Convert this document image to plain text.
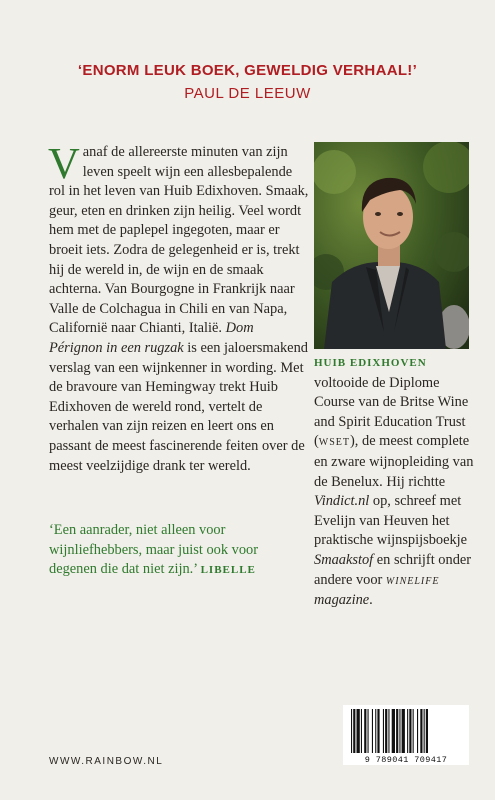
‘ENORM LEUK BOEK, GEWELDIG VERHAAL!’
PAUL DE LEEUW
Vanaf de allereerste minuten van zijn leven speelt wijn een allesbepalende rol in het leven van Huib Edixhoven. Smaak, geur, eten en drinken zijn heilig. Veel wordt hem met de paplepel ingegoten, maar er broeit iets. Zodra de gelegenheid er is, trekt hij de wereld in, de wijn en de smaak achterna. Van Bourgogne in Frankrijk naar Valle de Colchagua in Chili en van Napa, Californië naar Chianti, Italië. Dom Pérignon in een rugzak is een jaloersmakend verslag van een wijnkenner in wording. Met de bravoure van Hemingway trekt Huib Edixhoven de wereld rond, vertelt de verhalen van zijn reizen en leert ons en passant de meest fascinerende feiten over de meest veelzijdige drank ter wereld.
‘Een aanrader, niet alleen voor wijnliefhebbers, maar juist ook voor degenen die dat niet zijn.’ LIBELLE
HUIB EDIXHOVEN voltooide de Diplome Course van de Britse Wine and Spirit Education Trust (WSET), de meest complete en zware wijnopleiding van de Benelux. Hij richtte Vindict.nl op, schreef met Evelijn van Heuven het praktische wijnspijsboekje Smaakstof en schrijft onder andere voor WINELIFE magazine.
WWW.RAINBOW.NL	9 789041 709417
